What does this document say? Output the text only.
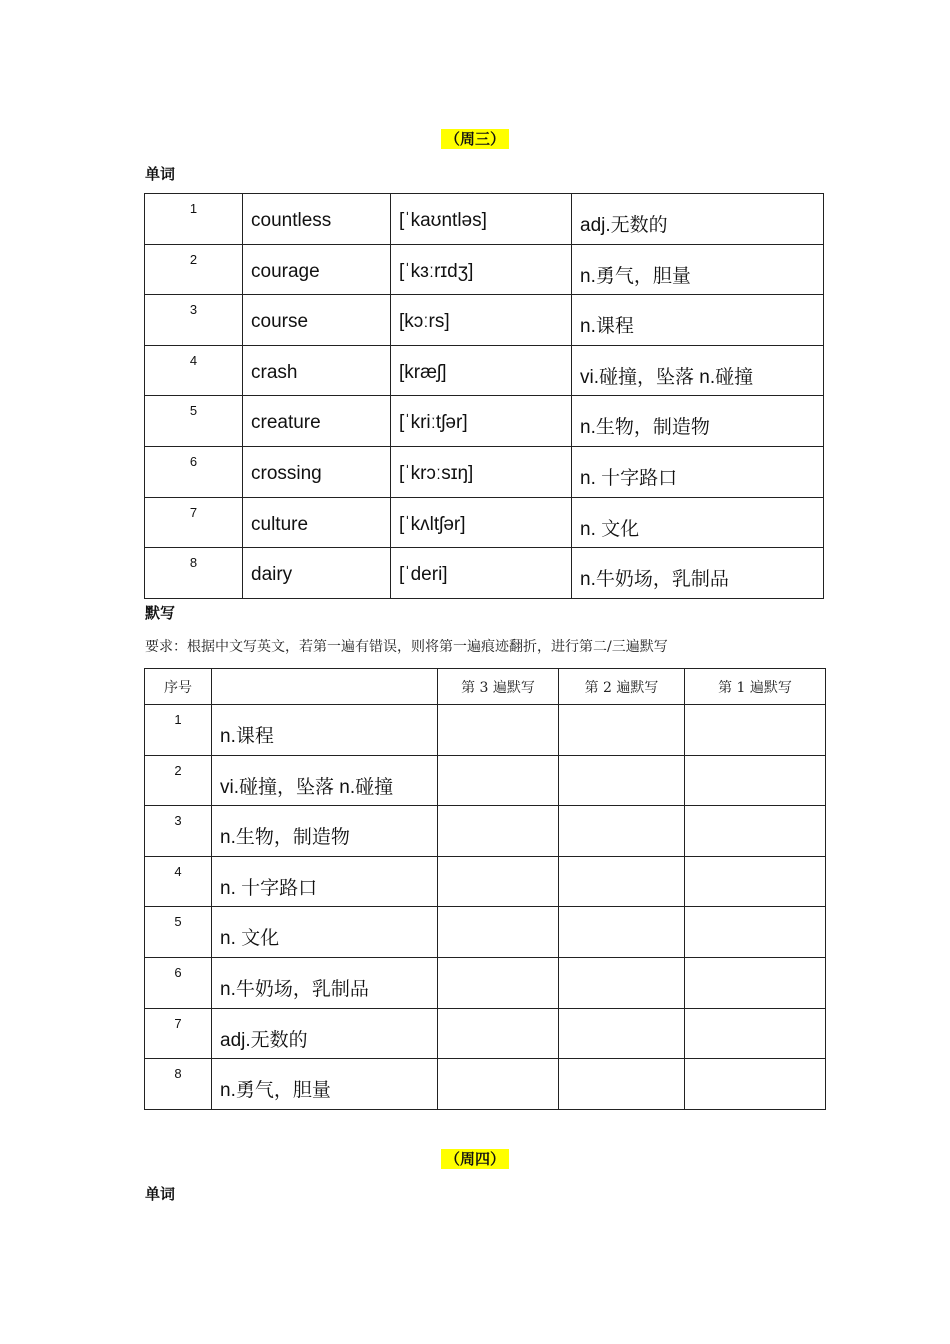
（周三）
单词
1	countless	[ˈkaʊntləs]	adj.无数的

2	courage	[ˈkɜːrɪdʒ]	n.勇气，胆量

3	course	[kɔːrs]	n.课程

4	crash	[kræʃ]	vi.碰撞，坠落 n.碰撞

5	creature	[ˈkriːtʃər]	n.生物，制造物

6	crossing	[ˈkrɔːsɪŋ]	n. 十字路口

7	culture	[ˈkʌltʃər]	n. 文化

8	dairy	[ˈderi]	n.牛奶场，乳制品
默写
要求：根据中文写英文，若第一遍有错误，则将第一遍痕迹翻折，进行第二/三遍默写
序号		第 3 遍默写	第 2 遍默写	第 1 遍默写

1	n.课程			

2	vi.碰撞，坠落 n.碰撞			

3	n.生物，制造物			

4	n. 十字路口			

5	n. 文化			

6	n.牛奶场，乳制品			

7	adj.无数的			

8	n.勇气，胆量			

（周四）
单词
